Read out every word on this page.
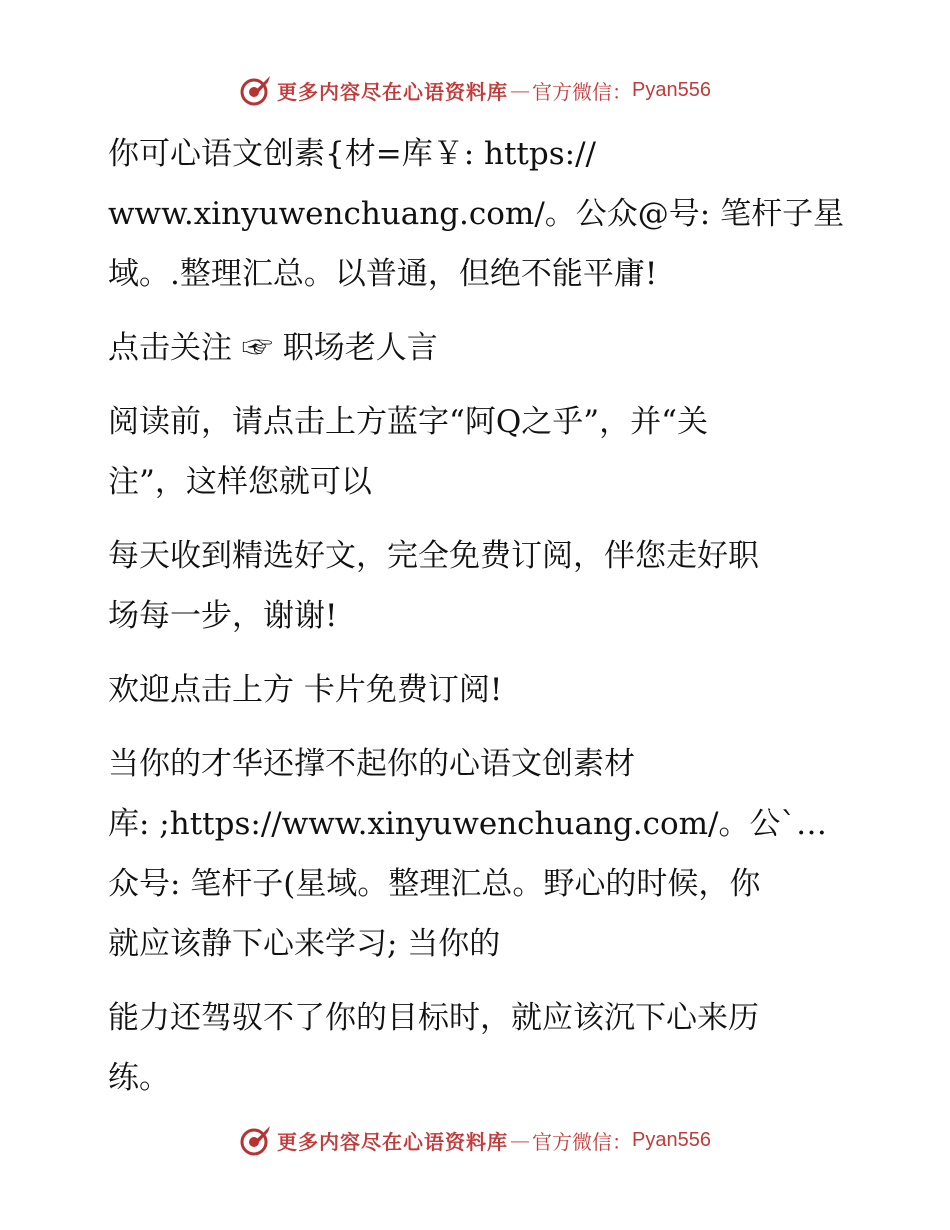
更多内容尽在心语资料库 — 官方微信： Pyan556

你可心语文创素{材=库￥: https://
www.xinyuwenchuang.com/。公众@号: 笔杆子星
域。.整理汇总。以普通，但绝不能平庸!

点击关注 ☞ 职场老人言

阅读前，请点击上方蓝字“阿Q之乎”，并“关
注”，这样您就可以

每天收到精选好文，完全免费订阅，伴您走好职
场每一步，谢谢!

欢迎点击上方 卡片免费订阅!

当你的才华还撑不起你的心语文创素材
库: ;https://www.xinyuwenchuang.com/。公`…
众号: 笔杆子(星域。整理汇总。野心的时候，你
就应该静下心来学习; 当你的

能力还驾驭不了你的目标时，就应该沉下心来历
练。

更多内容尽在心语资料库 — 官方微信： Pyan556
